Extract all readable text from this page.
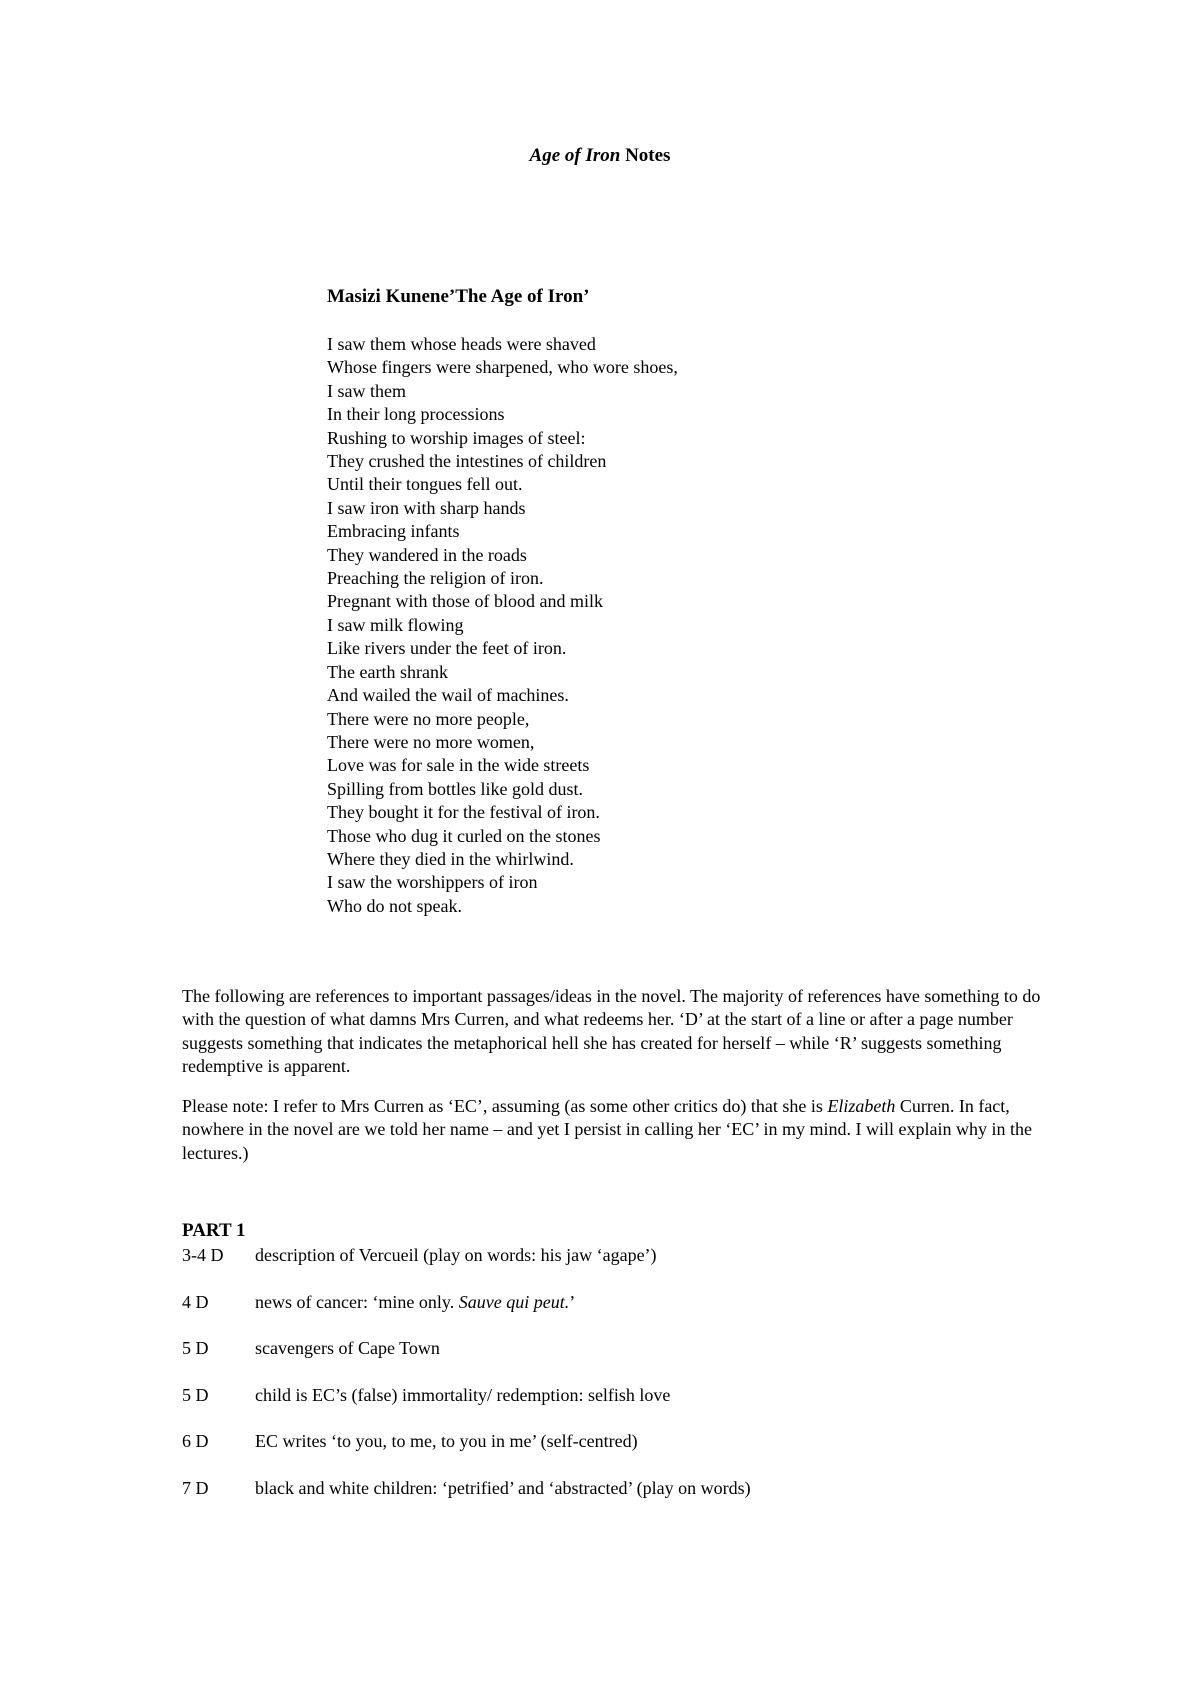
Age of Iron Notes
Masizi Kunene’The Age of Iron’
I saw them whose heads were shaved
Whose fingers were sharpened, who wore shoes,
I saw them
In their long processions
Rushing to worship images of steel:
They crushed the intestines of children
Until their tongues fell out.
I saw iron with sharp hands
Embracing infants
They wandered in the roads
Preaching the religion of iron.
Pregnant with those of blood and milk
I saw milk flowing
Like rivers under the feet of iron.
The earth shrank
And wailed the wail of machines.
There were no more people,
There were no more women,
Love was for sale in the wide streets
Spilling from bottles like gold dust.
They bought it for the festival of iron.
Those who dug it curled on the stones
Where they died in the whirlwind.
I saw the worshippers of iron
Who do not speak.
The following are references to important passages/ideas in the novel. The majority of references have something to do with the question of what damns Mrs Curren, and what redeems her. ‘D’ at the start of a line or after a page number suggests something that indicates the metaphorical hell she has created for herself – while ‘R’ suggests something redemptive is apparent.
Please note: I refer to Mrs Curren as ‘EC’, assuming (as some other critics do) that she is Elizabeth Curren. In fact, nowhere in the novel are we told her name – and yet I persist in calling her ‘EC’ in my mind. I will explain why in the lectures.)
PART 1
3-4 D	description of Vercueil (play on words: his jaw ‘agape’)
4 D	news of cancer: ‘mine only. Sauve qui peut.’
5 D	scavengers of Cape Town
5 D	child is EC’s (false) immortality/ redemption: selfish love
6 D	EC writes ‘to you, to me, to you in me’ (self-centred)
7 D	black and white children: ‘petrified’ and ‘abstracted’ (play on words)
